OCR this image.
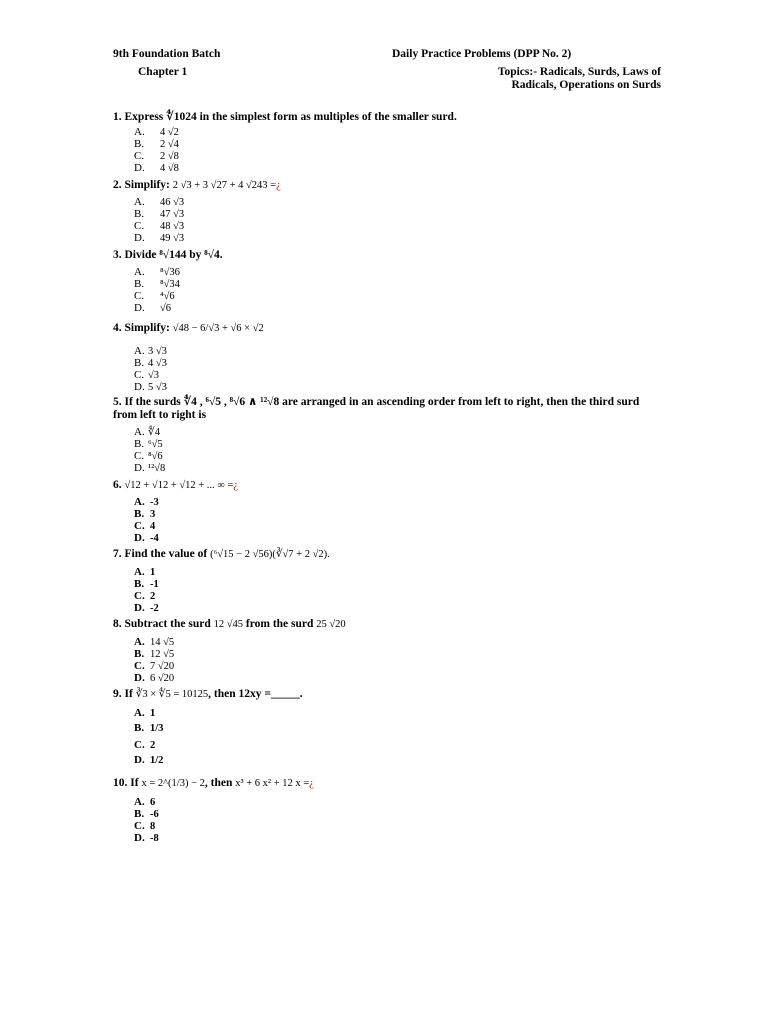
9th Foundation Batch
Chapter 1
Daily Practice Problems (DPP No. 2)
Topics:- Radicals, Surds, Laws of
Radicals, Operations on Surds
1. Express ∜1024 in the simplest form as multiples of the smaller surd.
A. 4 √2
B. 2 √4
C. 2 √8
D. 4 √8
2. Simplify: 2 √3 + 3 √27 + 4 √243 =¿
A. 46 √3
B. 47 √3
C. 48 √3
D. 49 √3
3. Divide ⁸√144 by ⁸√4.
A. ⁸√36
B. ⁸√34
C. ⁴√6
D. √6
4. Simplify: √48 − 6/√3 + √6 × √2
A. 3 √3
B. 4 √3
C. √3
D. 5 √3
5. If the surds ∜4 , ⁶√5 , ⁸√6 ∧ ¹²√8 are arranged in an ascending order from left to right, then the third surd from left to right is
A. ∜4
B. ⁶√5
C. ⁸√6
D. ¹²√8
6. √12 + √12 + √12 + ... ∞ =¿
A. -3
B. 3
C. 4
D. -4
7. Find the value of (⁶√15 − 2 √56)(∛√7 + 2 √2).
A. 1
B. -1
C. 2
D. -2
8. Subtract the surd 12 √45 from the surd 25 √20
A. 14 √5
B. 12 √5
C. 7 √20
D. 6 √20
9. If ∛3 × ∜5 = 10125, then 12xy =_____.
A. 1
B. 1/3
C. 2
D. 1/2
10. If x = 2^(1/3) − 2, then x³ + 6 x² + 12 x =¿
A. 6
B. -6
C. 8
D. -8
